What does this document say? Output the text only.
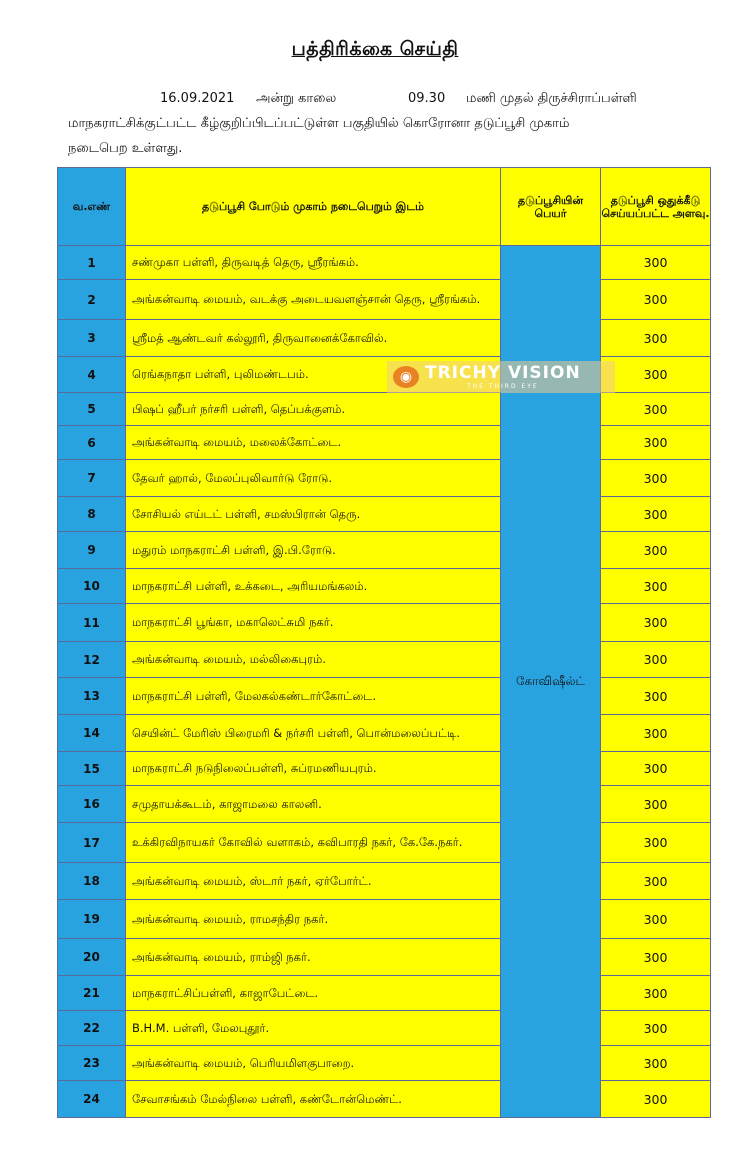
பத்திரிக்கை செய்தி
16.09.2021 அன்று காலை	09.30 மணி முதல் திருச்சிராப்பள்ளி
மாநகராட்சிக்குட்பட்ட கீழ்குறிப்பிடப்பட்டுள்ள பகுதியில் கொரோனா தடுப்பூசி முகாம்
நடைபெற உள்ளது.
வ.எண்	தடுப்பூசி போடும் முகாம் நடைபெறும் இடம்	தடுப்பூசியின் பெயர்	தடுப்பூசி ஒதுக்கீடு செய்யப்பட்ட அளவு.
1	சண்முகா பள்ளி, திருவடித் தெரு, ஸ்ரீரங்கம்.	கோவிஷீல்ட்	300
2	அங்கன்வாடி மையம், வடக்கு அடையவளஞ்சான் தெரு, ஸ்ரீரங்கம்.		300
3	ஸ்ரீமத் ஆண்டவர் கல்லூரி, திருவானைக்கோவில்.		300
4	ரெங்கநாதா பள்ளி, புலிமண்டபம்.		300
5	பிஷப் ஹீபர் நர்சரி பள்ளி, தெப்பக்குளம்.		300
6	அங்கன்வாடி மையம், மலைக்கோட்டை.		300
7	தேவர் ஹால், மேலப்புலிவார்டு ரோடு.		300
8	சோசியல் எய்டட் பள்ளி, சமஸ்பிரான் தெரு.		300
9	மதுரம் மாநகராட்சி பள்ளி, இ.பி.ரோடு.		300
10	மாநகராட்சி பள்ளி, உக்கடை, அரியமங்கலம்.		300
11	மாநகராட்சி பூங்கா, மகாலெட்சுமி நகர்.		300
12	அங்கன்வாடி மையம், மல்லிகைபுரம்.		300
13	மாநகராட்சி பள்ளி, மேலகல்கண்டார்கோட்டை.		300
14	செயின்ட் மேரிஸ் பிரைமரி & நர்சரி பள்ளி, பொன்மலைப்பட்டி.		300
15	மாநகராட்சி நடுநிலைப்பள்ளி, சுப்ரமணியபுரம்.		300
16	சமுதாயக்கூடம், காஜாமலை காலனி.		300
17	உக்கிரவிநாயகர் கோவில் வளாகம், கவிபாரதி நகர், கே.கே.நகர்.		300
18	அங்கன்வாடி மையம், ஸ்டார் நகர், ஏர்போர்ட்.		300
19	அங்கன்வாடி மையம், ராமசந்திர நகர்.		300
20	அங்கன்வாடி மையம், ராம்ஜி நகர்.		300
21	மாநகராட்சிப்பள்ளி, காஜாபேட்டை.		300
22	B.H.M. பள்ளி, மேலபுதூர்.		300
23	அங்கன்வாடி மையம், பெரியமிளகுபாறை.		300
24	சேவாசங்கம் மேல்நிலை பள்ளி, கண்டோன்மெண்ட்.		300
◉ TRICHY VISION
THE THIRD EYE
